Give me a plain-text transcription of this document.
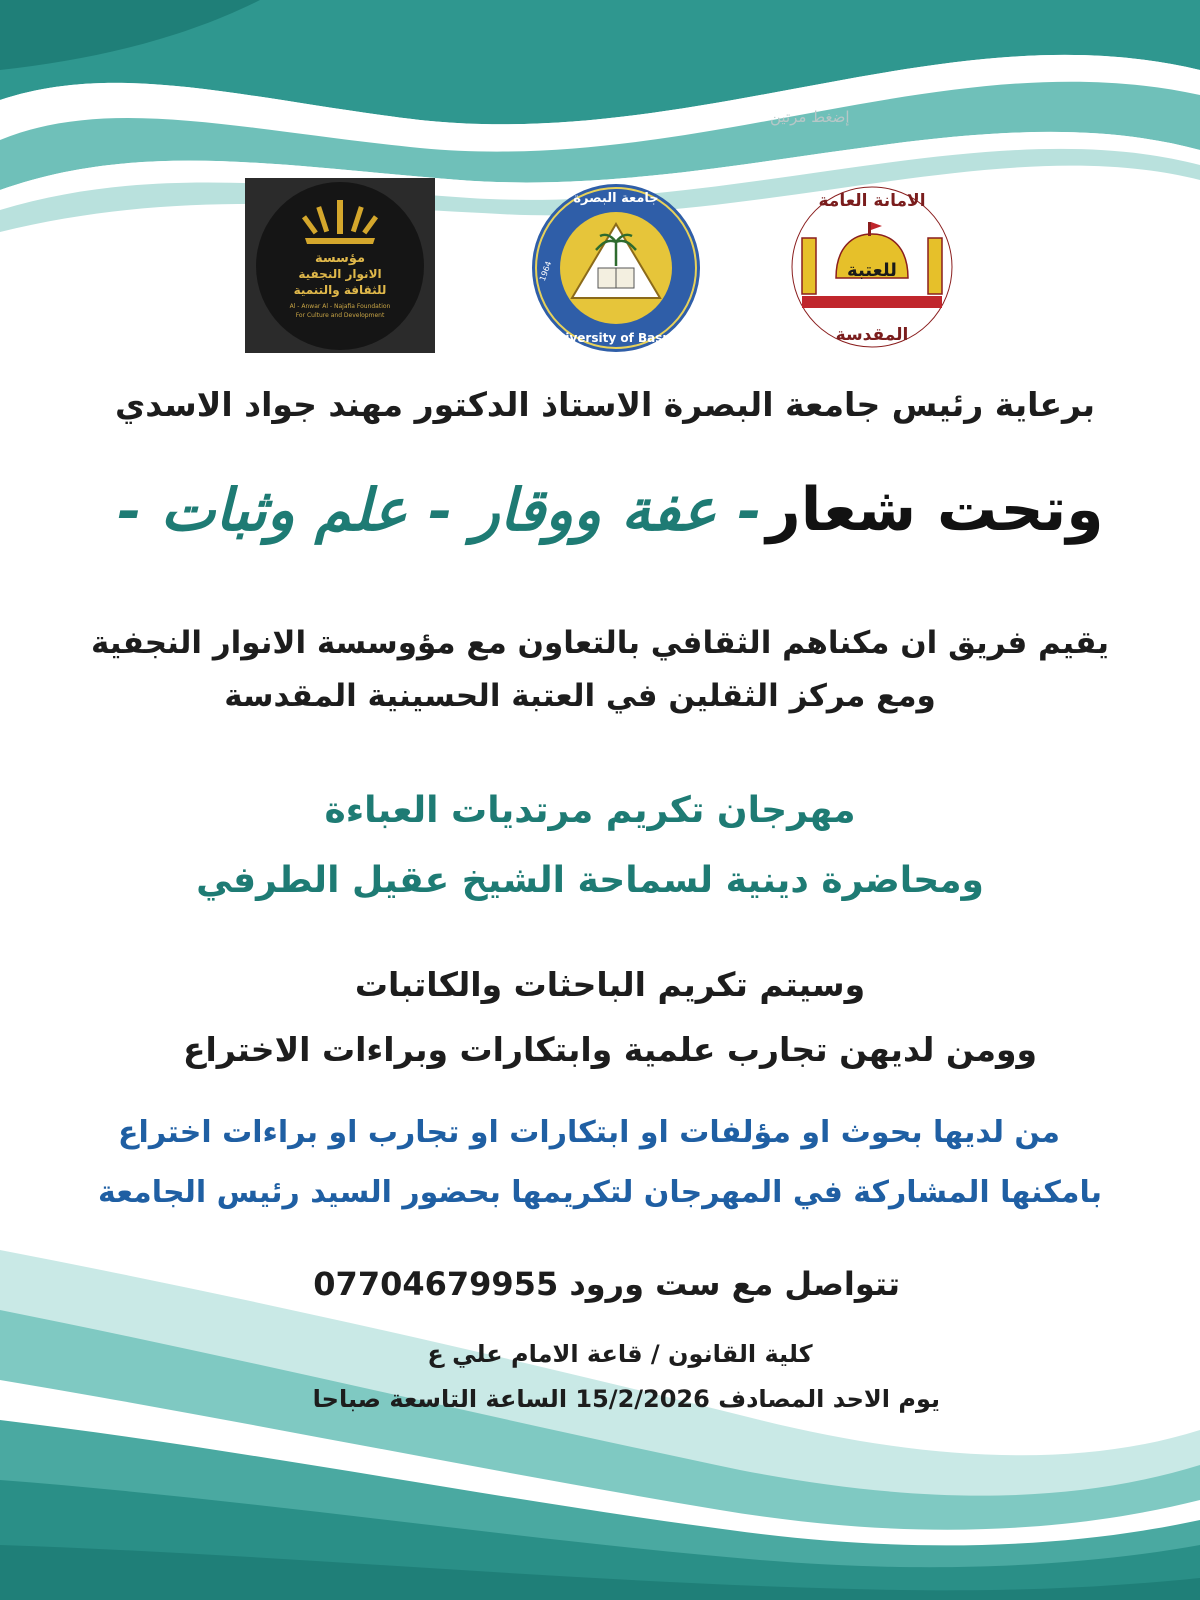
إضغط مرتين
مؤسسة
الانوار النجفية
للثقافة والتنمية
Al - Anwar Al - Najafia Foundation
For Culture and Development
جامعة البصرة
University of Basrah
1964
الامانة العامة
للعتبة
المقدسة
برعاية رئيس جامعة البصرة الاستاذ الدكتور مهند جواد الاسدي
وتحت شعار - عفة ووقار - علم وثبات -
يقيم فريق ان مكناهم الثقافي بالتعاون مع مؤوسسة الانوار النجفية
ومع مركز الثقلين في العتبة الحسينية المقدسة
مهرجان تكريم مرتديات العباءة
ومحاضرة دينية لسماحة الشيخ عقيل الطرفي
وسيتم تكريم الباحثات والكاتبات
وومن لديهن تجارب علمية وابتكارات وبراءات الاختراع
من لديها بحوث او مؤلفات او ابتكارات او تجارب او براءات اختراع
بامكنها المشاركة في المهرجان لتكريمها بحضور السيد رئيس الجامعة
تتواصل مع ست ورود 07704679955
كلية القانون / قاعة الامام علي ع
يوم الاحد المصادف 15/2/2026 الساعة التاسعة صباحا
